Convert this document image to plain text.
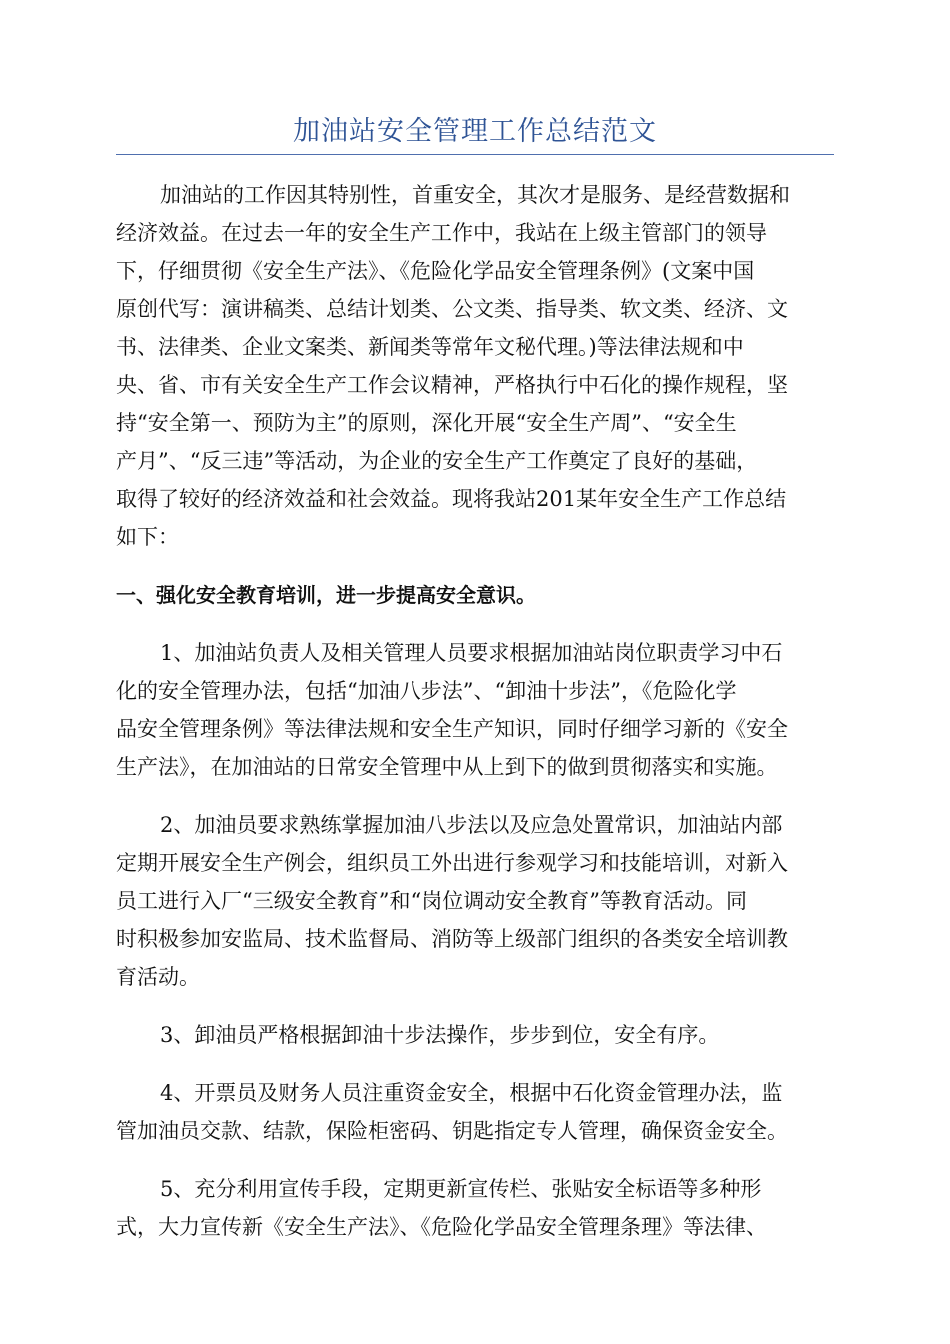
加油站安全管理工作总结范文

加油站的工作因其特别性，首重安全，其次才是服务、是经营数据和
经济效益。在过去一年的安全生产工作中，我站在上级主管部门的领导
下，仔细贯彻《安全生产法》、《危险化学品安全管理条例》(文案中国
原创代写：演讲稿类、总结计划类、公文类、指导类、软文类、经济、文
书、法律类、企业文案类、新闻类等常年文秘代理。)等法律法规和中
央、省、市有关安全生产工作会议精神，严格执行中石化的操作规程，坚
持“安全第一、预防为主”的原则，深化开展“安全生产周”、“安全生
产月”、“反三违”等活动，为企业的安全生产工作奠定了良好的基础，
取得了较好的经济效益和社会效益。现将我站201某年安全生产工作总结
如下：

一、强化安全教育培训，进一步提高安全意识。

1、加油站负责人及相关管理人员要求根据加油站岗位职责学习中石
化的安全管理办法，包括“加油八步法”、“卸油十步法”，《危险化学
品安全管理条例》等法律法规和安全生产知识，同时仔细学习新的《安全
生产法》，在加油站的日常安全管理中从上到下的做到贯彻落实和实施。

2、加油员要求熟练掌握加油八步法以及应急处置常识，加油站内部
定期开展安全生产例会，组织员工外出进行参观学习和技能培训，对新入
员工进行入厂“三级安全教育”和“岗位调动安全教育”等教育活动。同
时积极参加安监局、技术监督局、消防等上级部门组织的各类安全培训教
育活动。

3、卸油员严格根据卸油十步法操作，步步到位，安全有序。

4、开票员及财务人员注重资金安全，根据中石化资金管理办法，监
管加油员交款、结款，保险柜密码、钥匙指定专人管理，确保资金安全。

5、充分利用宣传手段，定期更新宣传栏、张贴安全标语等多种形
式，大力宣传新《安全生产法》、《危险化学品安全管理条理》等法律、
